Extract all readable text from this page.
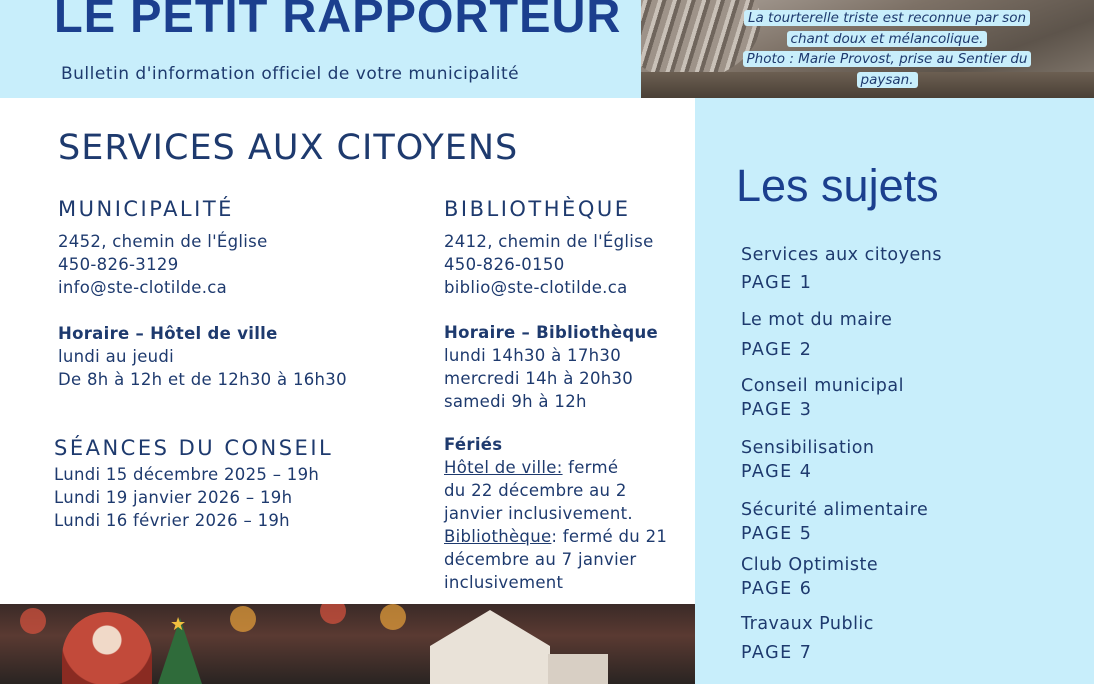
LE PETIT RAPPORTEUR
Bulletin d'information officiel de votre municipalité
La tourterelle triste est reconnue par son
chant doux et mélancolique.
Photo : Marie Provost, prise au Sentier du
paysan.
SERVICES AUX CITOYENS
MUNICIPALITÉ
2452, chemin de l'Église
450-826-3129
info@ste-clotilde.ca
Horaire – Hôtel de ville
lundi au jeudi
De 8h à 12h et de 12h30 à 16h30
BIBLIOTHÈQUE
2412, chemin de l'Église
450-826-0150
biblio@ste-clotilde.ca
Horaire – Bibliothèque
lundi 14h30 à 17h30
mercredi 14h à 20h30
samedi 9h à 12h
SÉANCES DU CONSEIL
Lundi 15 décembre 2025 – 19h
Lundi 19 janvier 2026 – 19h
Lundi 16 février 2026 – 19h
Fériés
Hôtel de ville: fermé
du 22 décembre au 2
janvier inclusivement.
Bibliothèque: fermé du 21
décembre au 7 janvier
inclusivement
★
Les sujets
Services aux citoyens
PAGE 1
Le mot du maire
PAGE 2
Conseil municipal
PAGE 3
Sensibilisation
PAGE 4
Sécurité alimentaire
PAGE 5
Club Optimiste
PAGE 6
Travaux Public
PAGE 7
